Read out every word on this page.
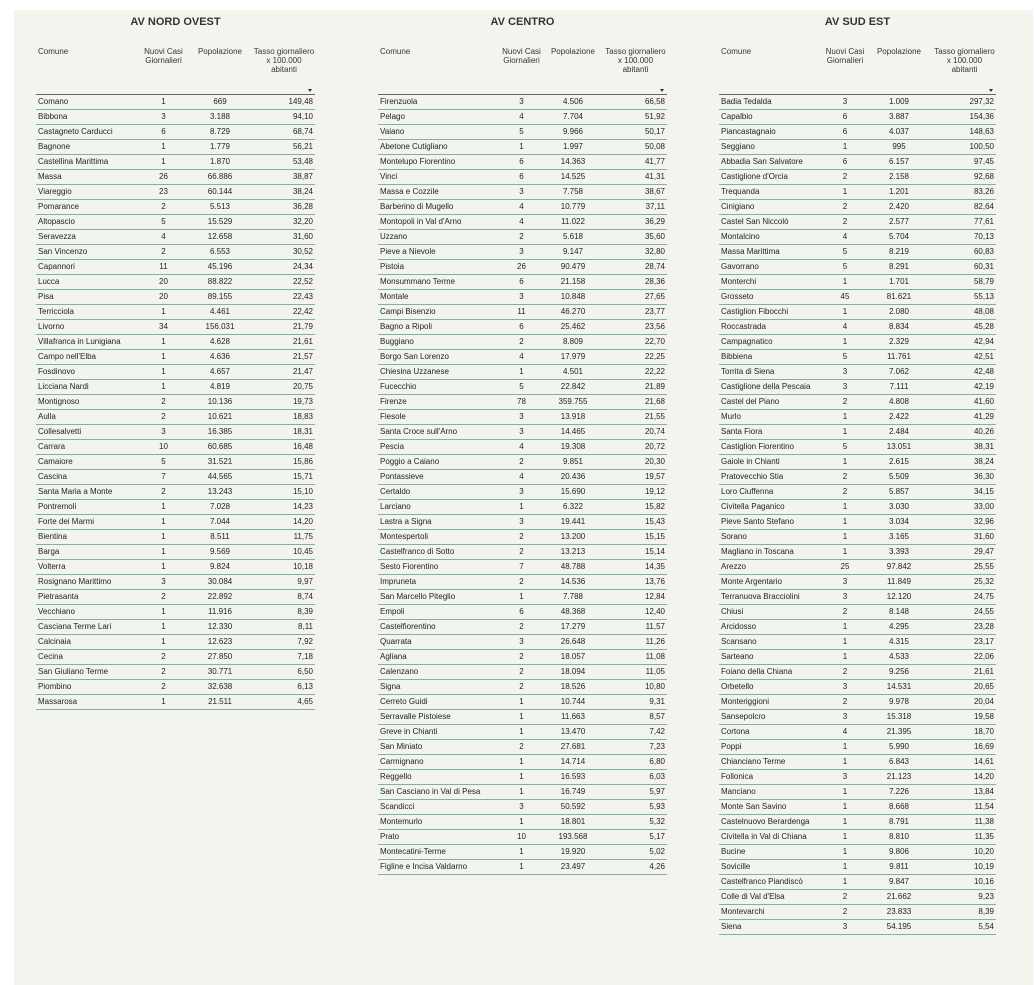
AV NORD OVEST
Comune	Nuovi Casi Giornalieri	Popolazione	Tasso giornaliero x 100.000 abitanti

Comano	1	669	149,48
Bibbona	3	3.188	94,10
Castagneto Carducci	6	8.729	68,74
Bagnone	1	1.779	56,21
Castellina Marittima	1	1.870	53,48
Massa	26	66.886	38,87
Viareggio	23	60.144	38,24
Pomarance	2	5.513	36,28
Altopascio	5	15.529	32,20
Seravezza	4	12.658	31,60
San Vincenzo	2	6.553	30,52
Capannori	11	45.196	24,34
Lucca	20	88.822	22,52
Pisa	20	89.155	22,43
Terricciola	1	4.461	22,42
Livorno	34	156.031	21,79
Villafranca in Lunigiana	1	4.628	21,61
Campo nell'Elba	1	4.636	21,57
Fosdinovo	1	4.657	21,47
Licciana Nardi	1	4.819	20,75
Montignoso	2	10.136	19,73
Aulla	2	10.621	18,83
Collesalvetti	3	16.385	18,31
Carrara	10	60.685	16,48
Camaiore	5	31.521	15,86
Cascina	7	44.565	15,71
Santa Maria a Monte	2	13.243	15,10
Pontremoli	1	7.028	14,23
Forte dei Marmi	1	7.044	14,20
Bientina	1	8.511	11,75
Barga	1	9.569	10,45
Volterra	1	9.824	10,18
Rosignano Marittimo	3	30.084	9,97
Pietrasanta	2	22.892	8,74
Vecchiano	1	11.916	8,39
Casciana Terme Lari	1	12.330	8,11
Calcinaia	1	12.623	7,92
Cecina	2	27.850	7,18
San Giuliano Terme	2	30.771	6,50
Piombino	2	32.638	6,13
Massarosa	1	21.511	4,65
AV CENTRO
Comune	Nuovi Casi Giornalieri	Popolazione	Tasso giornaliero x 100.000 abitanti

Firenzuola	3	4.506	66,58
Pelago	4	7.704	51,92
Vaiano	5	9.966	50,17
Abetone Cutigliano	1	1.997	50,08
Montelupo Fiorentino	6	14.363	41,77
Vinci	6	14.525	41,31
Massa e Cozzile	3	7.758	38,67
Barberino di Mugello	4	10.779	37,11
Montopoli in Val d'Arno	4	11.022	36,29
Uzzano	2	5.618	35,60
Pieve a Nievole	3	9.147	32,80
Pistoia	26	90.479	28,74
Monsummano Terme	6	21.158	28,36
Montale	3	10.848	27,65
Campi Bisenzio	11	46.270	23,77
Bagno a Ripoli	6	25.462	23,56
Buggiano	2	8.809	22,70
Borgo San Lorenzo	4	17.979	22,25
Chiesina Uzzanese	1	4.501	22,22
Fucecchio	5	22.842	21,89
Firenze	78	359.755	21,68
Fiesole	3	13.918	21,55
Santa Croce sull'Arno	3	14.465	20,74
Pescia	4	19.308	20,72
Poggio a Caiano	2	9.851	20,30
Pontassieve	4	20.436	19,57
Certaldo	3	15.690	19,12
Larciano	1	6.322	15,82
Lastra a Signa	3	19.441	15,43
Montespertoli	2	13.200	15,15
Castelfranco di Sotto	2	13.213	15,14
Sesto Fiorentino	7	48.788	14,35
Impruneta	2	14.536	13,76
San Marcello Piteglio	1	7.788	12,84
Empoli	6	48.368	12,40
Castelfiorentino	2	17.279	11,57
Quarrata	3	26.648	11,26
Agliana	2	18.057	11,08
Calenzano	2	18.094	11,05
Signa	2	18.526	10,80
Cerreto Guidi	1	10.744	9,31
Serravalle Pistoiese	1	11.663	8,57
Greve in Chianti	1	13.470	7,42
San Miniato	2	27.681	7,23
Carmignano	1	14.714	6,80
Reggello	1	16.593	6,03
San Casciano in Val di Pesa	1	16.749	5,97
Scandicci	3	50.592	5,93
Montemurlo	1	18.801	5,32
Prato	10	193.568	5,17
Montecatini-Terme	1	19.920	5,02
Figline e Incisa Valdarno	1	23.497	4,26
AV SUD EST
Comune	Nuovi Casi Giornalieri	Popolazione	Tasso giornaliero x 100.000 abitanti

Badia Tedalda	3	1.009	297,32
Capalbio	6	3.887	154,36
Piancastagnaio	6	4.037	148,63
Seggiano	1	995	100,50
Abbadia San Salvatore	6	6.157	97,45
Castiglione d'Orcia	2	2.158	92,68
Trequanda	1	1.201	83,26
Cinigiano	2	2.420	82,64
Castel San Niccolò	2	2.577	77,61
Montalcino	4	5.704	70,13
Massa Marittima	5	8.219	60,83
Gavorrano	5	8.291	60,31
Monterchi	1	1.701	58,79
Grosseto	45	81.621	55,13
Castiglion Fibocchi	1	2.080	48,08
Roccastrada	4	8.834	45,28
Campagnatico	1	2.329	42,94
Bibbiena	5	11.761	42,51
Torrita di Siena	3	7.062	42,48
Castiglione della Pescaia	3	7.111	42,19
Castel del Piano	2	4.808	41,60
Murlo	1	2.422	41,29
Santa Fiora	1	2.484	40,26
Castiglion Fiorentino	5	13.051	38,31
Gaiole in Chianti	1	2.615	38,24
Pratovecchio Stia	2	5.509	36,30
Loro Ciuffenna	2	5.857	34,15
Civitella Paganico	1	3.030	33,00
Pieve Santo Stefano	1	3.034	32,96
Sorano	1	3.165	31,60
Magliano in Toscana	1	3.393	29,47
Arezzo	25	97.842	25,55
Monte Argentario	3	11.849	25,32
Terranuova Bracciolini	3	12.120	24,75
Chiusi	2	8.148	24,55
Arcidosso	1	4.295	23,28
Scansano	1	4.315	23,17
Sarteano	1	4.533	22,06
Foiano della Chiana	2	9.256	21,61
Orbetello	3	14.531	20,65
Monteriggioni	2	9.978	20,04
Sansepolcro	3	15.318	19,58
Cortona	4	21.395	18,70
Poppi	1	5.990	16,69
Chianciano Terme	1	6.843	14,61
Follonica	3	21.123	14,20
Manciano	1	7.226	13,84
Monte San Savino	1	8.668	11,54
Castelnuovo Berardenga	1	8.791	11,38
Civitella in Val di Chiana	1	8.810	11,35
Bucine	1	9.806	10,20
Sovicille	1	9.811	10,19
Castelfranco Piandiscò	1	9.847	10,16
Colle di Val d'Elsa	2	21.662	9,23
Montevarchi	2	23.833	8,39
Siena	3	54.195	5,54
